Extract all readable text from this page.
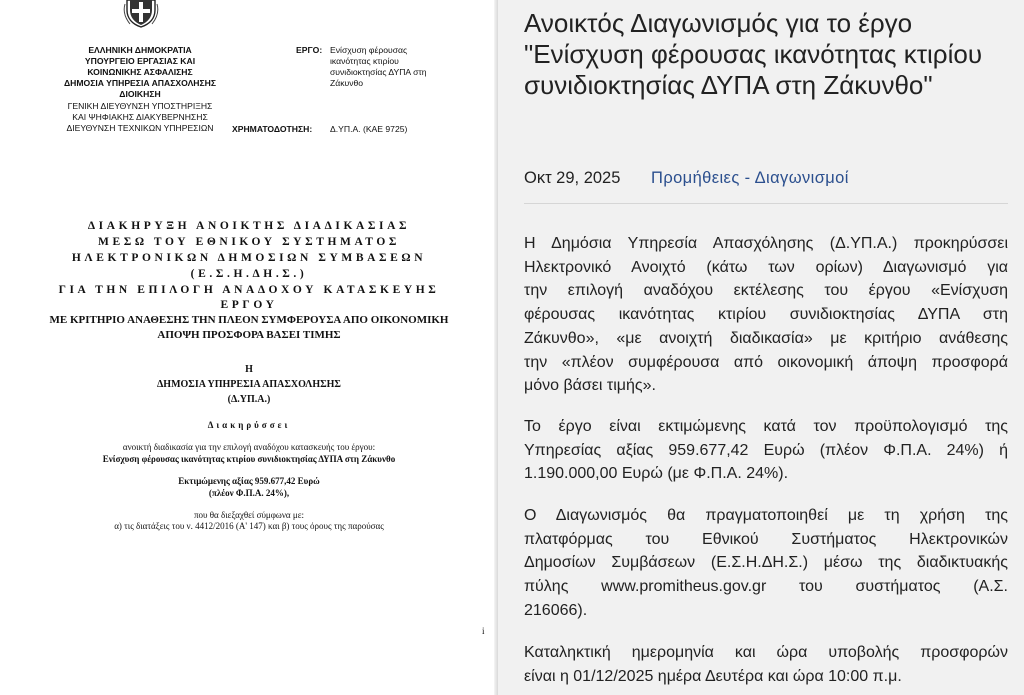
ΕΛΛΗΝΙΚΗ ΔΗΜΟΚΡΑΤΙΑ
ΥΠΟΥΡΓΕΙΟ ΕΡΓΑΣΙΑΣ ΚΑΙ
ΚΟΙΝΩΝΙΚΗΣ ΑΣΦΑΛΙΣΗΣ
ΔΗΜΟΣΙΑ ΥΠΗΡΕΣΙΑ ΑΠΑΣΧΟΛΗΣΗΣ
ΔΙΟΙΚΗΣΗ
ΓΕΝΙΚΗ ΔΙΕΥΘΥΝΣΗ ΥΠΟΣΤΗΡΙΞΗΣ
ΚΑΙ ΨΗΦΙΑΚΗΣ ΔΙΑΚΥΒΕΡΝΗΣΗΣ
ΔΙΕΥΘΥΝΣΗ ΤΕΧΝΙΚΩΝ ΥΠΗΡΕΣΙΩΝ
ΕΡΓΟ: Ενίσχυση φέρουσας
ικανότητας κτιρίου
συνιδιοκτησίας ΔΥΠΑ στη
Ζάκυνθο
ΧΡΗΜΑΤΟΔΟΤΗΣΗ: Δ.ΥΠ.Α. (ΚΑΕ 9725)
ΔΙΑΚΗΡΥΞΗ ΑΝΟΙΚΤΗΣ ΔΙΑΔΙΚΑΣΙΑΣ
ΜΕΣΩ ΤΟΥ ΕΘΝΙΚΟΥ ΣΥΣΤΗΜΑΤΟΣ
ΗΛΕΚΤΡΟΝΙΚΩΝ ΔΗΜΟΣΙΩΝ ΣΥΜΒΑΣΕΩΝ
(Ε.Σ.Η.ΔΗ.Σ.)
ΓΙΑ ΤΗΝ ΕΠΙΛΟΓΗ ΑΝΑΔΟΧΟΥ ΚΑΤΑΣΚΕΥΗΣ
ΕΡΓΟΥ
ΜΕ ΚΡΙΤΗΡΙΟ ΑΝΑΘΕΣΗΣ ΤΗΝ ΠΛΕΟΝ ΣΥΜΦΕΡΟΥΣΑ ΑΠΟ ΟΙΚΟΝΟΜΙΚΗ
ΑΠΟΨΗ ΠΡΟΣΦΟΡΑ ΒΑΣΕΙ ΤΙΜΗΣ
Η
ΔΗΜΟΣΙΑ ΥΠΗΡΕΣΙΑ ΑΠΑΣΧΟΛΗΣΗΣ
(Δ.ΥΠ.Α.)
Διακηρύσσει
ανοικτή διαδικασία για την επιλογή αναδόχου κατασκευής του έργου:
Ενίσχυση φέρουσας ικανότητας κτιρίου συνιδιοκτησίας ΔΥΠΑ στη Ζάκυνθο
Εκτιμώμενης αξίας 959.677,42 Ευρώ
(πλέον Φ.Π.Α. 24%),
που θα διεξαχθεί σύμφωνα με:
α) τις διατάξεις του ν. 4412/2016 (Α' 147) και β) τους όρους της παρούσας
i
Ανοικτός Διαγωνισμός για το έργο "Ενίσχυση φέρουσας ικανότητας κτιρίου συνιδιοκτησίας ΔΥΠΑ στη Ζάκυνθο"
Οκτ 29, 2025 Προμήθειες - Διαγωνισμοί
Η Δημόσια Υπηρεσία Απασχόλησης (Δ.ΥΠ.Α.) προκηρύσσει
Ηλεκτρονικό Ανοιχτό (κάτω των ορίων) Διαγωνισμό για
την επιλογή αναδόχου εκτέλεσης του έργου «Ενίσχυση
φέρουσας ικανότητας κτιρίου συνιδιοκτησίας ΔΥΠΑ στη
Ζάκυνθο», «με ανοιχτή διαδικασία» με κριτήριο ανάθεσης
την «πλέον συμφέρουσα από οικονομική άποψη προσφορά
μόνο βάσει τιμής».
Το έργο είναι εκτιμώμενης κατά τον προϋπολογισμό της
Υπηρεσίας αξίας 959.677,42 Ευρώ (πλέον Φ.Π.Α. 24%) ή
1.190.000,00 Ευρώ (με Φ.Π.Α. 24%).
Ο Διαγωνισμός θα πραγματοποιηθεί με τη χρήση της
πλατφόρμας του Εθνικού Συστήματος Ηλεκτρονικών
Δημοσίων Συμβάσεων (Ε.Σ.Η.ΔΗ.Σ.) μέσω της διαδικτυακής
πύλης www.promitheus.gov.gr του συστήματος (Α.Σ.
216066).
Καταληκτική ημερομηνία και ώρα υποβολής προσφορών
είναι η 01/12/2025 ημέρα Δευτέρα και ώρα 10:00 π.μ.
